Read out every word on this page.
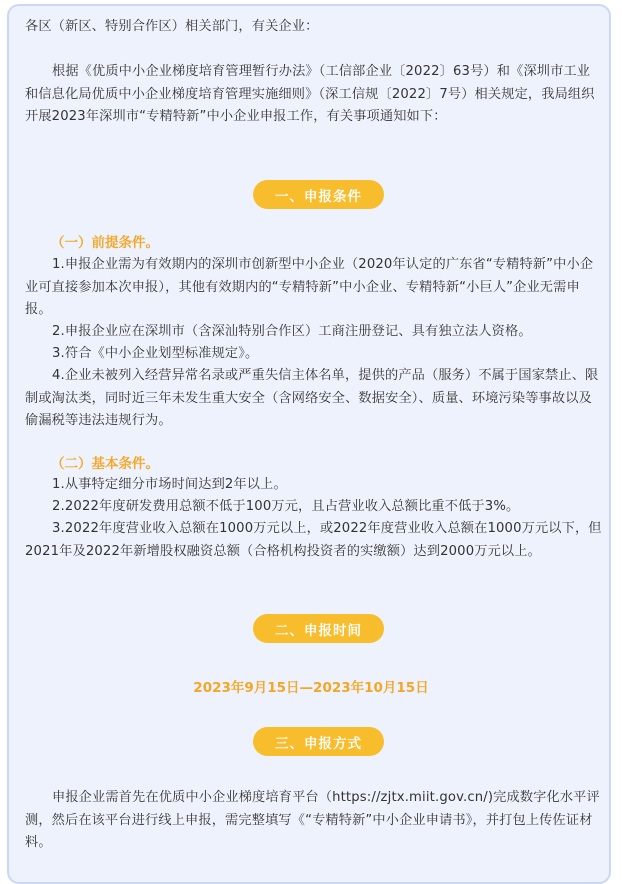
各区（新区、特别合作区）相关部门，有关企业：

根据《优质中小企业梯度培育管理暂行办法》（工信部企业〔2022〕63号）和《深圳市工业和信息化局优质中小企业梯度培育管理实施细则》（深工信规〔2022〕7号）相关规定，我局组织开展2023年深圳市“专精特新”中小企业申报工作，有关事项通知如下：

一、申报条件

（一）前提条件。

1.申报企业需为有效期内的深圳市创新型中小企业（2020年认定的广东省“专精特新”中小企业可直接参加本次申报），其他有效期内的“专精特新”中小企业、专精特新“小巨人”企业无需申报。

2.申报企业应在深圳市（含深汕特别合作区）工商注册登记、具有独立法人资格。

3.符合《中小企业划型标准规定》。

4.企业未被列入经营异常名录或严重失信主体名单，提供的产品（服务）不属于国家禁止、限制或淘汰类，同时近三年未发生重大安全（含网络安全、数据安全）、质量、环境污染等事故以及偷漏税等违法违规行为。

（二）基本条件。

1.从事特定细分市场时间达到2年以上。

2.2022年度研发费用总额不低于100万元，且占营业收入总额比重不低于3%。

3.2022年度营业收入总额在1000万元以上，或2022年度营业收入总额在1000万元以下，但2021年及2022年新增股权融资总额（合格机构投资者的实缴额）达到2000万元以上。

二、申报时间

2023年9月15日—2023年10月15日

三、申报方式

申报企业需首先在优质中小企业梯度培育平台（https://zjtx.miit.gov.cn/)完成数字化水平评测，然后在该平台进行线上申报，需完整填写《“专精特新”中小企业申请书》，并打包上传佐证材料。
